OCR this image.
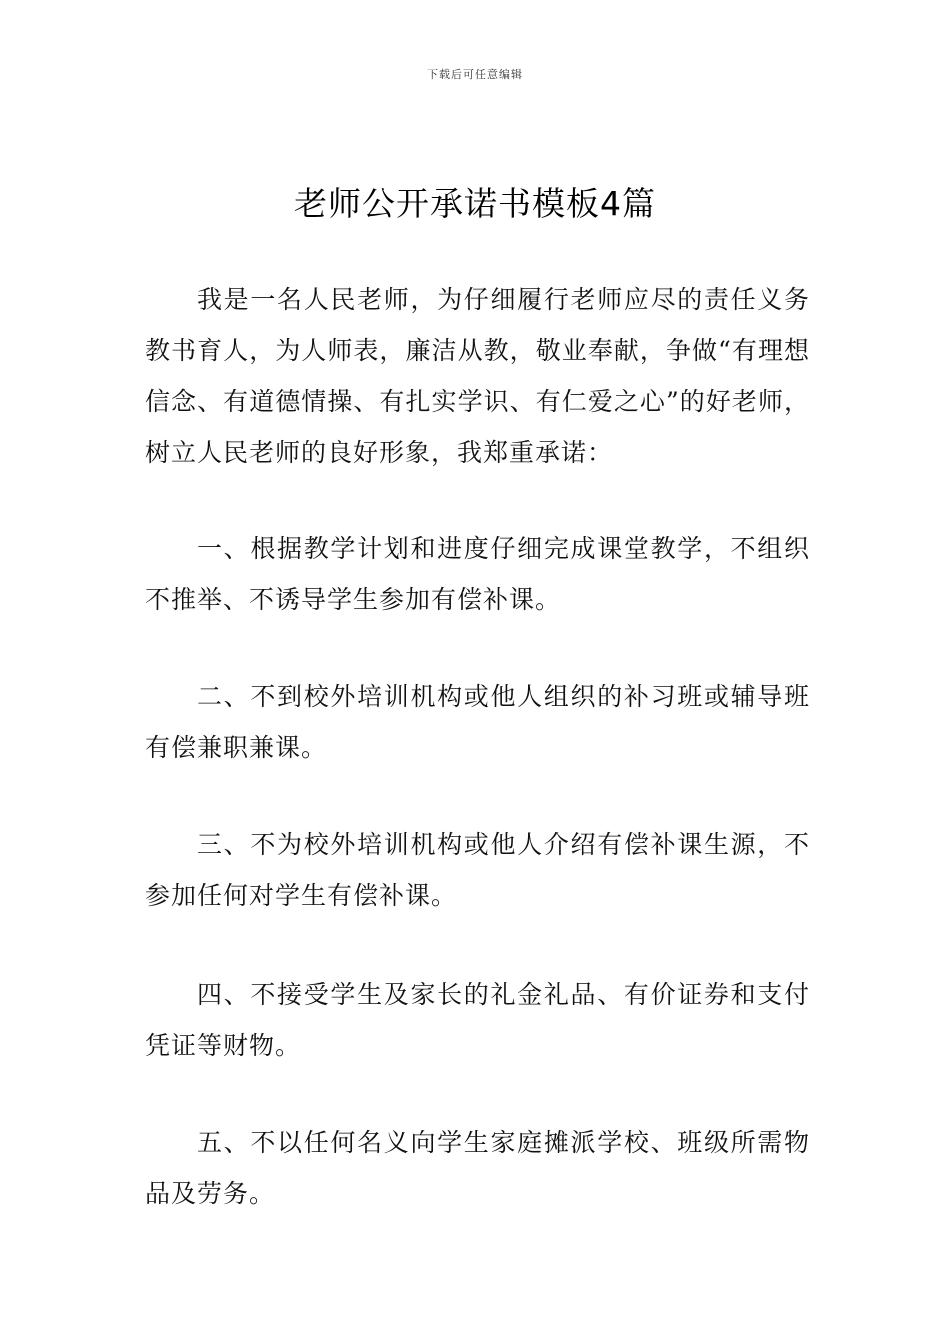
下载后可任意编辑
老师公开承诺书模板4篇

我是一名人民老师，为仔细履行老师应尽的责任义务教书育人，为人师表，廉洁从教，敬业奉献，争做“有理想信念、有道德情操、有扎实学识、有仁爱之心”的好老师，树立人民老师的良好形象，我郑重承诺：

一、根据教学计划和进度仔细完成课堂教学，不组织不推举、不诱导学生参加有偿补课。

二、不到校外培训机构或他人组织的补习班或辅导班有偿兼职兼课。

三、不为校外培训机构或他人介绍有偿补课生源，不参加任何对学生有偿补课。

四、不接受学生及家长的礼金礼品、有价证券和支付凭证等财物。

五、不以任何名义向学生家庭摊派学校、班级所需物品及劳务。
